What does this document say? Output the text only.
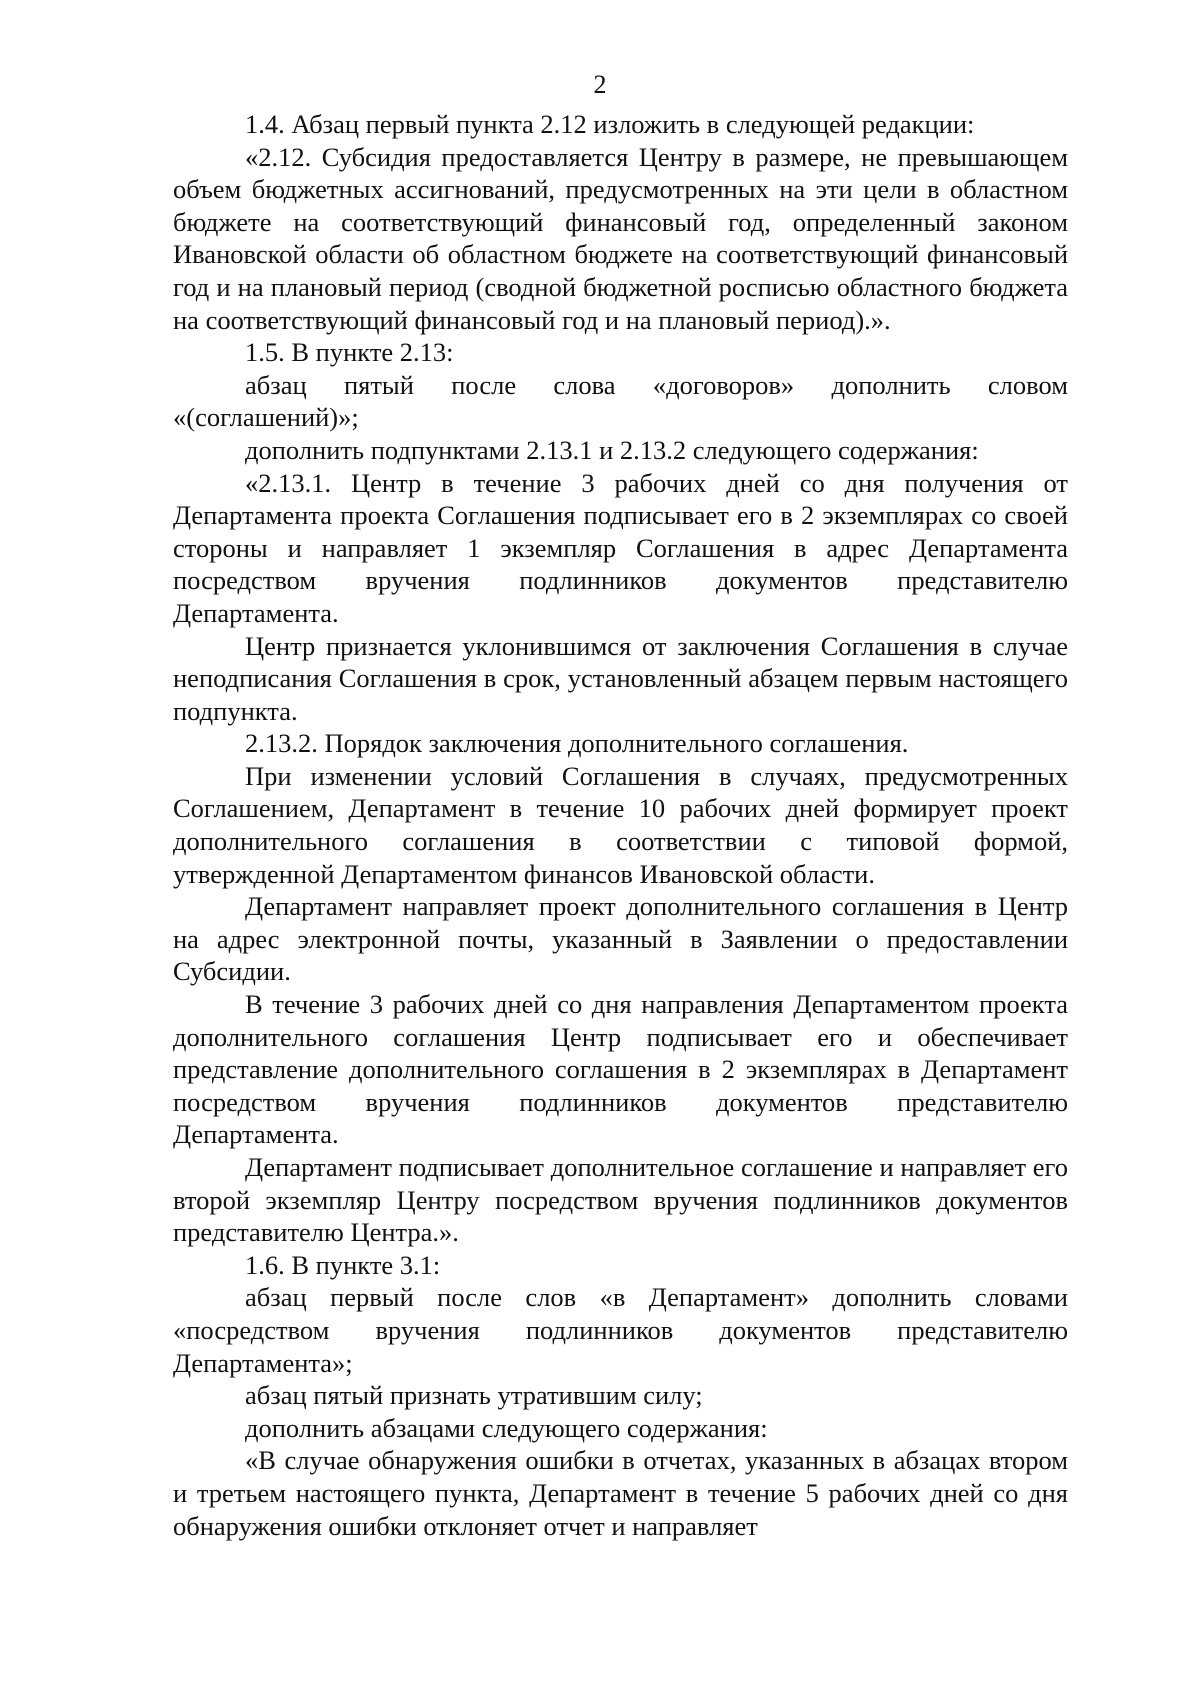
2

1.4. Абзац первый пункта 2.12 изложить в следующей редакции:

«2.12. Субсидия предоставляется Центру в размере, не превышающем объем бюджетных ассигнований, предусмотренных на эти цели в областном бюджете на соответствующий финансовый год, определенный законом Ивановской области об областном бюджете на соответствующий финансовый год и на плановый период (сводной бюджетной росписью областного бюджета на соответствующий финансовый год и на плановый период).».

1.5. В пункте 2.13:

абзац пятый после слова «договоров» дополнить словом «(соглашений)»;

дополнить подпунктами 2.13.1 и 2.13.2 следующего содержания:

«2.13.1. Центр в течение 3 рабочих дней со дня получения от Департамента проекта Соглашения подписывает его в 2 экземплярах со своей стороны и направляет 1 экземпляр Соглашения в адрес Департамента посредством вручения подлинников документов представителю Департамента.

Центр признается уклонившимся от заключения Соглашения в случае неподписания Соглашения в срок, установленный абзацем первым настоящего подпункта.

2.13.2. Порядок заключения дополнительного соглашения.

При изменении условий Соглашения в случаях, предусмотренных Соглашением, Департамент в течение 10 рабочих дней формирует проект дополнительного соглашения в соответствии с типовой формой, утвержденной Департаментом финансов Ивановской области.

Департамент направляет проект дополнительного соглашения в Центр на адрес электронной почты, указанный в Заявлении о предоставлении Субсидии.

В течение 3 рабочих дней со дня направления Департаментом проекта дополнительного соглашения Центр подписывает его и обеспечивает представление дополнительного соглашения в 2 экземплярах в Департамент посредством вручения подлинников документов представителю Департамента.

Департамент подписывает дополнительное соглашение и направляет его второй экземпляр Центру посредством вручения подлинников документов представителю Центра.».

1.6. В пункте 3.1:

абзац первый после слов «в Департамент» дополнить словами «посредством вручения подлинников документов представителю Департамента»;

абзац пятый признать утратившим силу;

дополнить абзацами следующего содержания:

«В случае обнаружения ошибки в отчетах, указанных в абзацах втором и третьем настоящего пункта, Департамент в течение 5 рабочих дней со дня обнаружения ошибки отклоняет отчет и направляет
